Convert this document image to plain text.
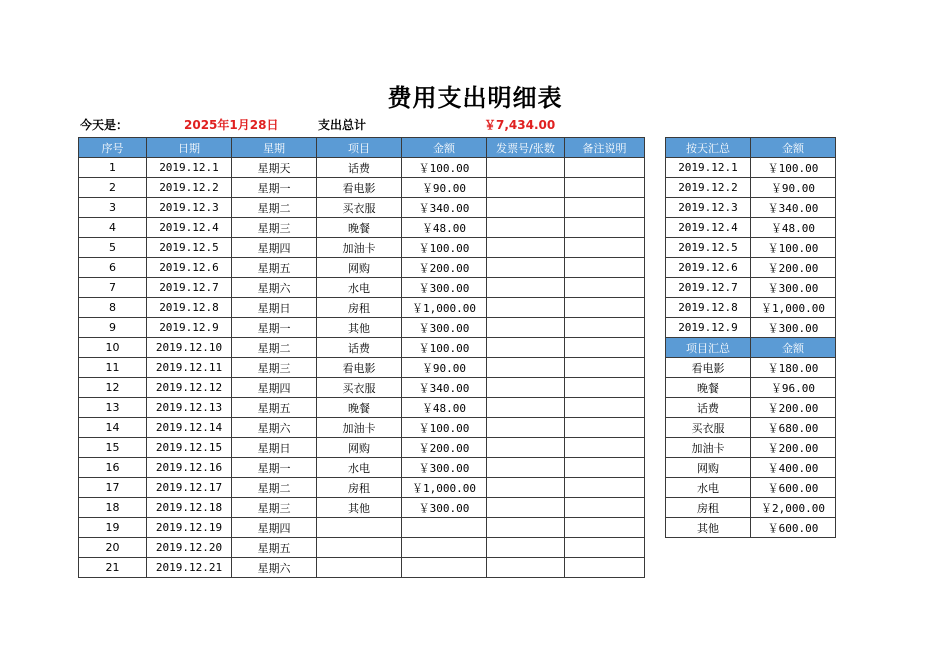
费用支出明细表
今天是：	2025年1月28日	支出总计	￥7,434.00
序号	日期	星期	项目	金额	发票号/张数	备注说明
1	2019.12.1	星期天	话费	￥100.00		
2	2019.12.2	星期一	看电影	￥90.00		
3	2019.12.3	星期二	买衣服	￥340.00		
4	2019.12.4	星期三	晚餐	￥48.00		
5	2019.12.5	星期四	加油卡	￥100.00		
6	2019.12.6	星期五	网购	￥200.00		
7	2019.12.7	星期六	水电	￥300.00		
8	2019.12.8	星期日	房租	￥1,000.00		
9	2019.12.9	星期一	其他	￥300.00		
10	2019.12.10	星期二	话费	￥100.00		
11	2019.12.11	星期三	看电影	￥90.00		
12	2019.12.12	星期四	买衣服	￥340.00		
13	2019.12.13	星期五	晚餐	￥48.00		
14	2019.12.14	星期六	加油卡	￥100.00		
15	2019.12.15	星期日	网购	￥200.00		
16	2019.12.16	星期一	水电	￥300.00		
17	2019.12.17	星期二	房租	￥1,000.00		
18	2019.12.18	星期三	其他	￥300.00		
19	2019.12.19	星期四				
20	2019.12.20	星期五				
21	2019.12.21	星期六				
按天汇总	金额
2019.12.1	￥100.00
2019.12.2	￥90.00
2019.12.3	￥340.00
2019.12.4	￥48.00
2019.12.5	￥100.00
2019.12.6	￥200.00
2019.12.7	￥300.00
2019.12.8	￥1,000.00
2019.12.9	￥300.00
项目汇总	金额
看电影	￥180.00
晚餐	￥96.00
话费	￥200.00
买衣服	￥680.00
加油卡	￥200.00
网购	￥400.00
水电	￥600.00
房租	￥2,000.00
其他	￥600.00
